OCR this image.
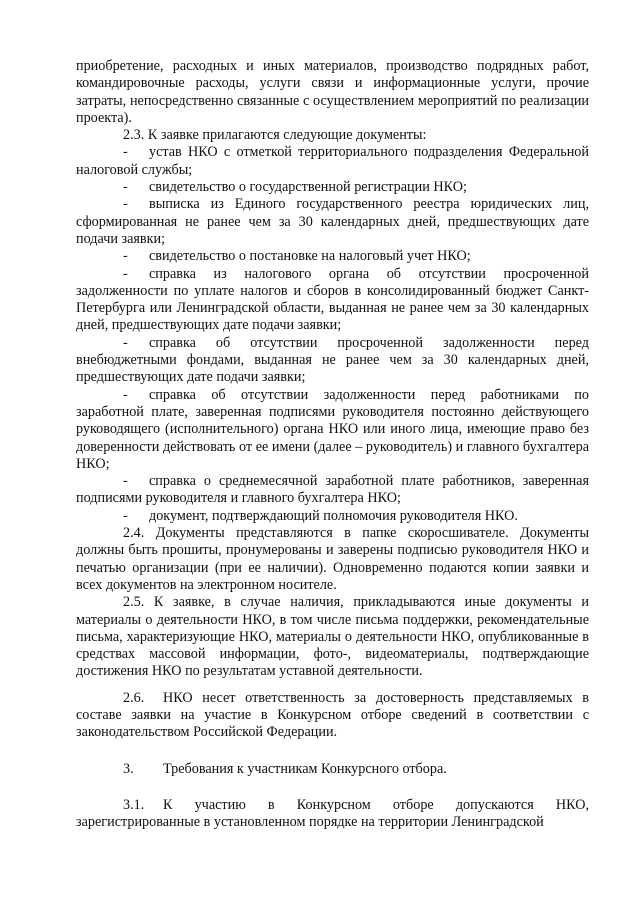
приобретение, расходных и иных материалов, производство подрядных работ, командировочные расходы, услуги связи и информационные услуги, прочие затраты, непосредственно связанные с осуществлением мероприятий по реализации проекта).

2.3. К заявке прилагаются следующие документы:

- устав НКО с отметкой территориального подразделения Федеральной налоговой службы;

- свидетельство о государственной регистрации НКО;

- выписка из Единого государственного реестра юридических лиц, сформированная не ранее чем за 30 календарных дней, предшествующих дате подачи заявки;

- свидетельство о постановке на налоговый учет НКО;

- справка из налогового органа об отсутствии просроченной задолженности по уплате налогов и сборов в консолидированный бюджет Санкт-Петербурга или Ленинградской области, выданная не ранее чем за 30 календарных дней, предшествующих дате подачи заявки;

- справка об отсутствии просроченной задолженности перед внебюджетными фондами, выданная не ранее чем за 30 календарных дней, предшествующих дате подачи заявки;

- справка об отсутствии задолженности перед работниками по заработной плате, заверенная подписями руководителя постоянно действующего руководящего (исполнительного) органа НКО или иного лица, имеющие право без доверенности действовать от ее имени (далее – руководитель) и главного бухгалтера НКО;

- справка о среднемесячной заработной плате работников, заверенная подписями руководителя и главного бухгалтера НКО;

- документ, подтверждающий полномочия руководителя НКО.

2.4. Документы представляются в папке скоросшивателе. Документы должны быть прошиты, пронумерованы и заверены подписью руководителя НКО и печатью организации (при ее наличии). Одновременно подаются копии заявки и всех документов на электронном носителе.

2.5. К заявке, в случае наличия, прикладываются иные документы и материалы о деятельности НКО, в том числе письма поддержки, рекомендательные письма, характеризующие НКО, материалы о деятельности НКО, опубликованные в средствах массовой информации, фото-, видеоматериалы, подтверждающие достижения НКО по результатам уставной деятельности.

2.6. НКО несет ответственность за достоверность представляемых в составе заявки на участие в Конкурсном отборе сведений в соответствии с законодательством Российской Федерации.

3. Требования к участникам Конкурсного отбора.

3.1. К участию в Конкурсном отборе допускаются НКО, зарегистрированные в установленном порядке на территории Ленинградской
